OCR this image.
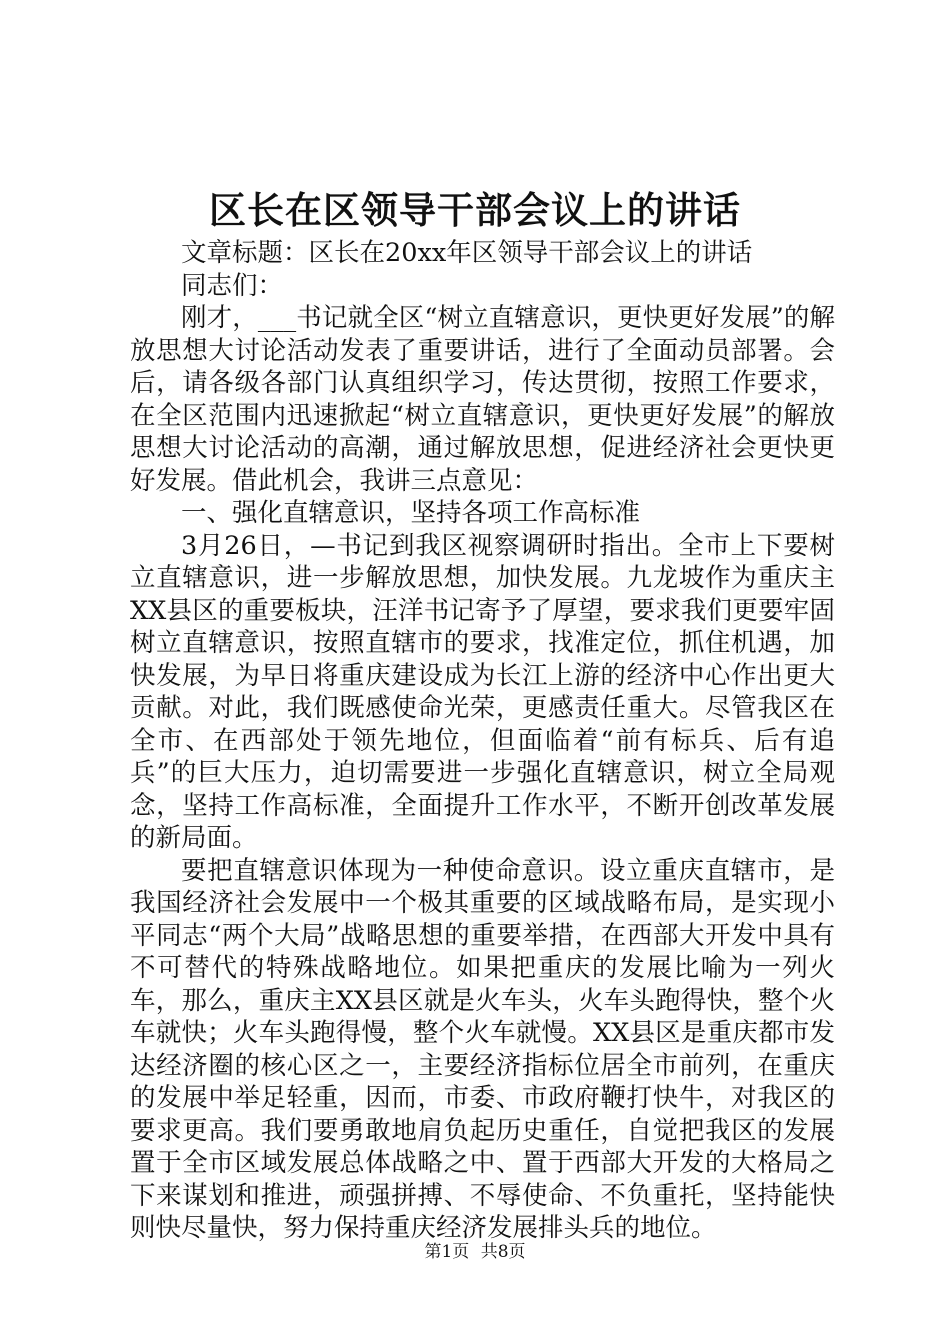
区长在区领导干部会议上的讲话

文章标题：区长在20xx年区领导干部会议上的讲话

同志们：

刚才，___书记就全区“树立直辖意识，更快更好发展”的解放思想大讨论活动发表了重要讲话，进行了全面动员部署。会后，请各级各部门认真组织学习，传达贯彻，按照工作要求，在全区范围内迅速掀起“树立直辖意识，更快更好发展”的解放思想大讨论活动的高潮，通过解放思想，促进经济社会更快更好发展。借此机会，我讲三点意见：

一、强化直辖意识，坚持各项工作高标准

3月26日，—书记到我区视察调研时指出。全市上下要树立直辖意识，进一步解放思想，加快发展。九龙坡作为重庆主XX县区的重要板块，汪洋书记寄予了厚望，要求我们更要牢固树立直辖意识，按照直辖市的要求，找准定位，抓住机遇，加快发展，为早日将重庆建设成为长江上游的经济中心作出更大贡献。对此，我们既感使命光荣，更感责任重大。尽管我区在全市、在西部处于领先地位，但面临着“前有标兵、后有追兵”的巨大压力，迫切需要进一步强化直辖意识，树立全局观念，坚持工作高标准，全面提升工作水平，不断开创改革发展的新局面。

要把直辖意识体现为一种使命意识。设立重庆直辖市，是我国经济社会发展中一个极其重要的区域战略布局，是实现小平同志“两个大局”战略思想的重要举措，在西部大开发中具有不可替代的特殊战略地位。如果把重庆的发展比喻为一列火车，那么，重庆主XX县区就是火车头，火车头跑得快，整个火车就快；火车头跑得慢，整个火车就慢。XX县区是重庆都市发达经济圈的核心区之一，主要经济指标位居全市前列，在重庆的发展中举足轻重，因而，市委、市政府鞭打快牛，对我区的要求更高。我们要勇敢地肩负起历史重任，自觉把我区的发展置于全市区域发展总体战略之中、置于西部大开发的大格局之下来谋划和推进，顽强拼搏、不辱使命、不负重托，坚持能快则快尽量快，努力保持重庆经济发展排头兵的地位。

第1页 共8页
